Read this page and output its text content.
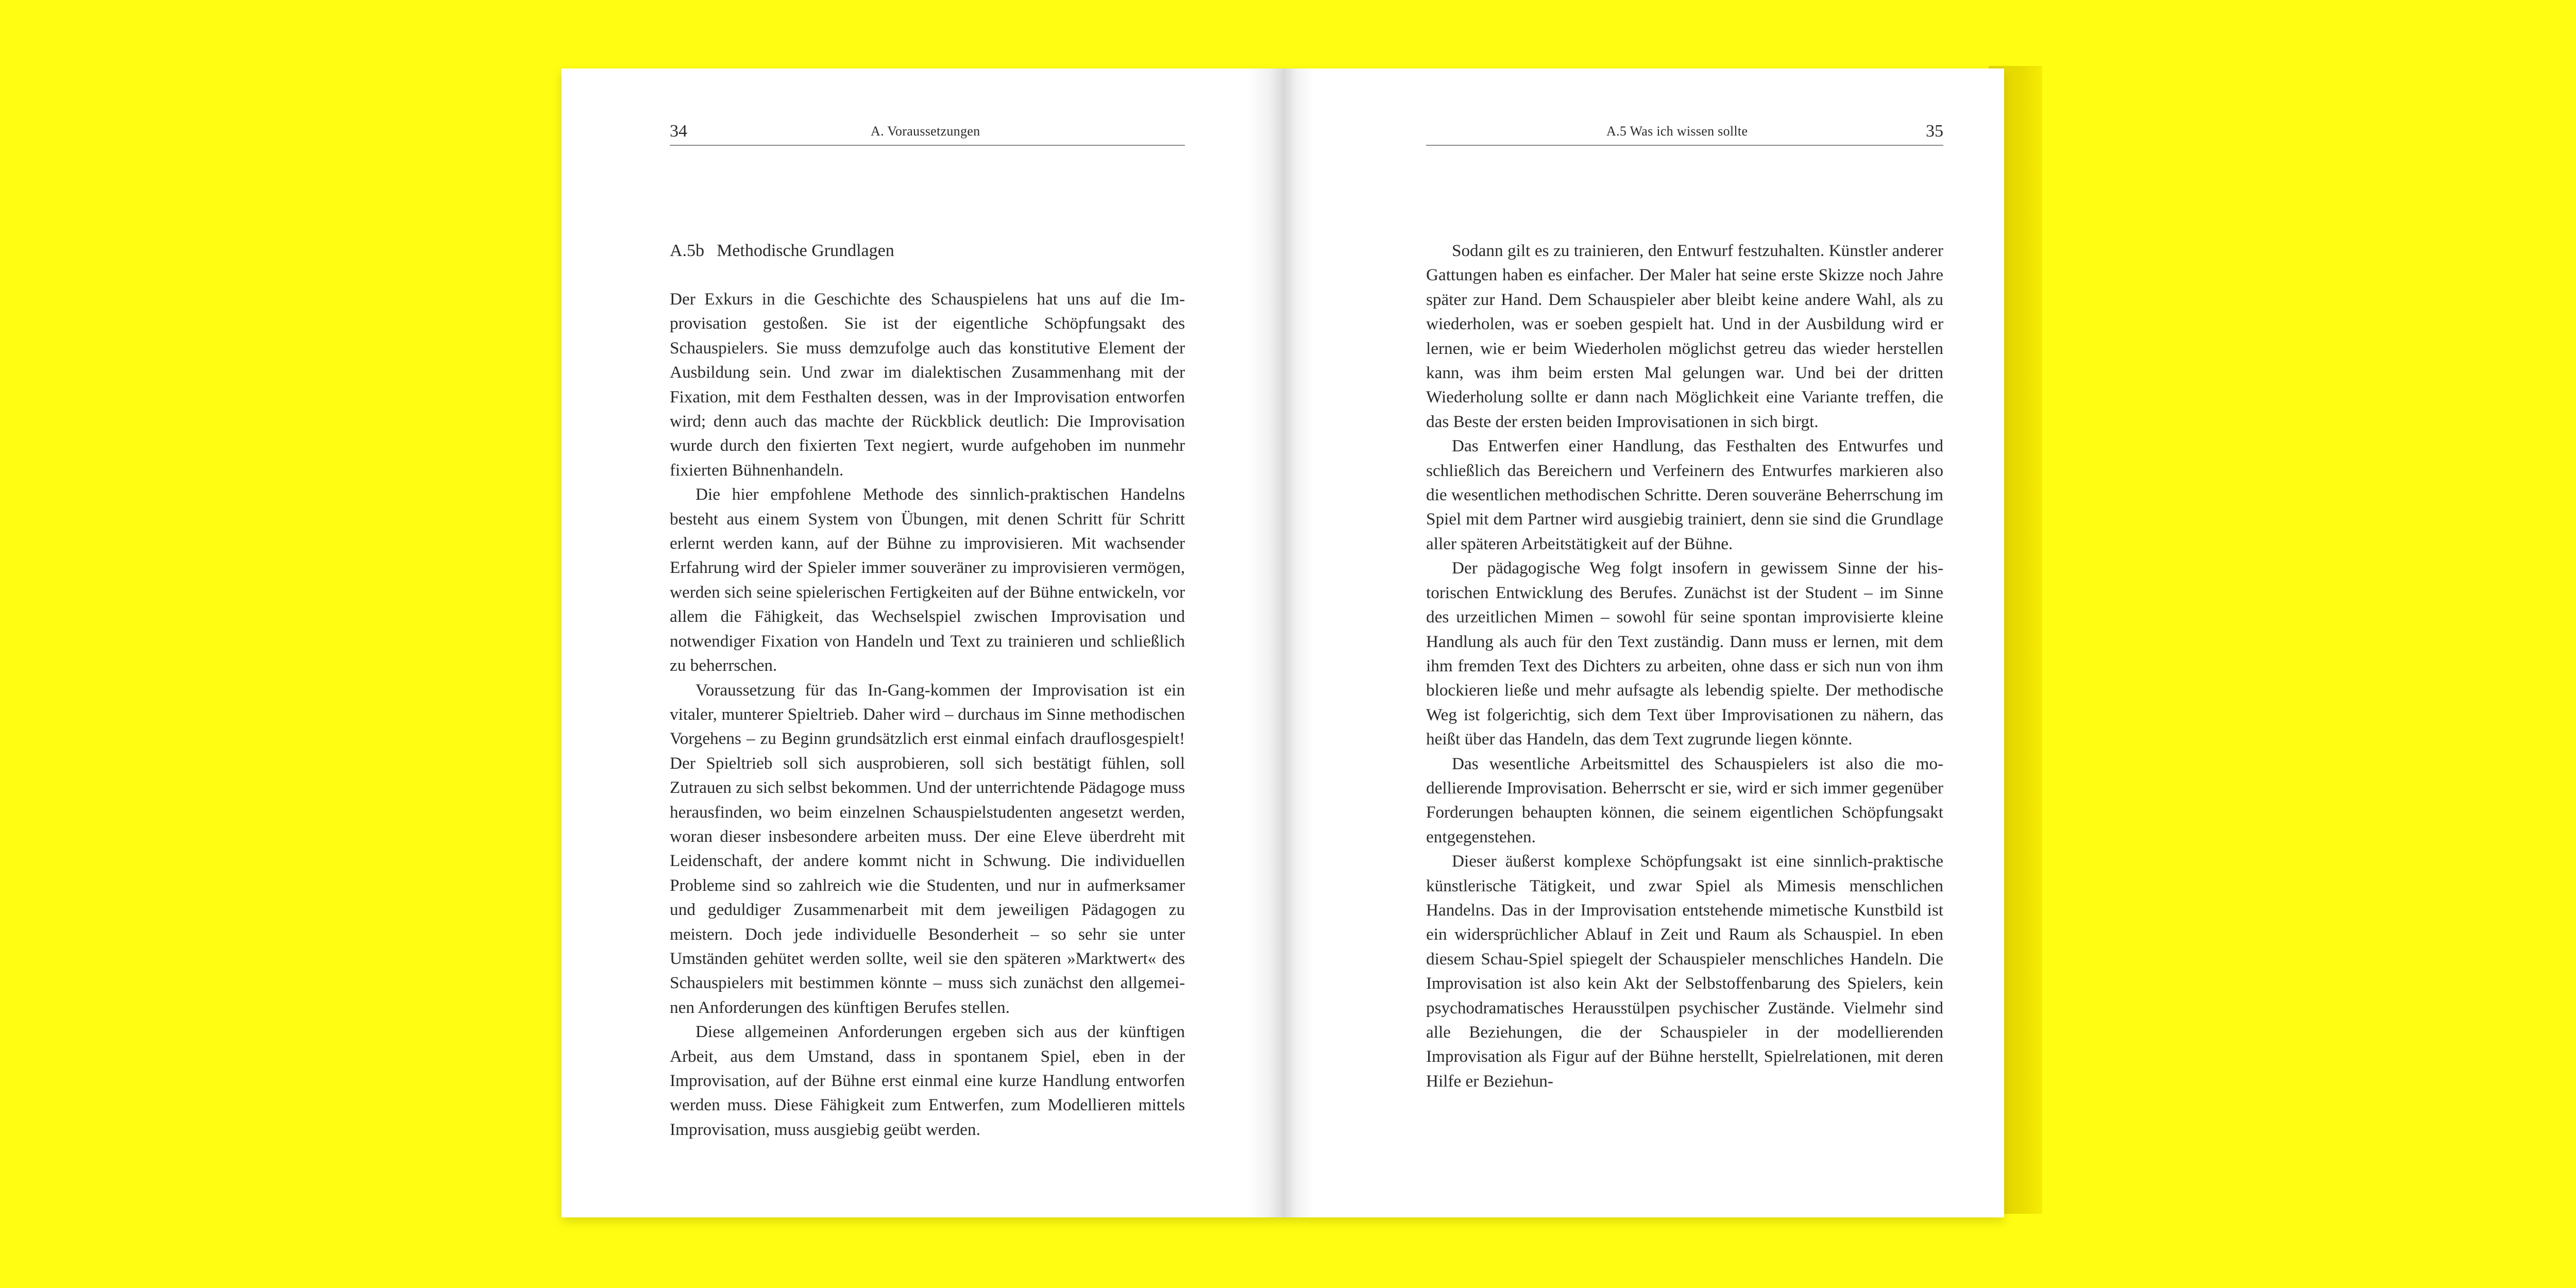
34	A. Voraussetzungen
A.5b Methodische Grundlagen

Der Exkurs in die Geschichte des Schauspielens hat uns auf die Improvisation gestoßen. Sie ist der eigentliche Schöpfungsakt des Schauspielers. Sie muss demzufolge auch das konstitutive Element der Ausbildung sein. Und zwar im dialektischen Zusammenhang mit der Fixation, mit dem Festhalten dessen, was in der Improvisation entworfen wird; denn auch das machte der Rückblick deutlich: Die Improvisation wurde durch den fixierten Text negiert, wurde aufgehoben im nunmehr fixierten Bühnenhandeln.

Die hier empfohlene Methode des sinnlich-praktischen Handelns besteht aus einem System von Übungen, mit denen Schritt für Schritt erlernt werden kann, auf der Bühne zu improvisieren. Mit wachsender Erfahrung wird der Spieler immer souveräner zu improvisieren vermögen, werden sich seine spielerischen Fertigkeiten auf der Bühne entwickeln, vor allem die Fähigkeit, das Wechselspiel zwischen Improvisation und notwendiger Fixation von Handeln und Text zu trainieren und schließlich zu beherrschen.

Voraussetzung für das In-Gang-kommen der Improvisation ist ein vitaler, munterer Spieltrieb. Daher wird – durchaus im Sinne methodischen Vorgehens – zu Beginn grundsätzlich erst einmal einfach drauflosgespielt! Der Spieltrieb soll sich ausprobieren, soll sich bestätigt fühlen, soll Zutrauen zu sich selbst bekommen. Und der unterrichtende Pädagoge muss herausfinden, wo beim einzelnen Schauspielstudenten angesetzt werden, woran dieser insbesondere arbeiten muss. Der eine Eleve überdreht mit Leidenschaft, der andere kommt nicht in Schwung. Die individuellen Probleme sind so zahlreich wie die Studenten, und nur in aufmerksamer und geduldiger Zusammenarbeit mit dem jeweiligen Pädagogen zu meistern. Doch jede individuelle Besonderheit – so sehr sie unter Umständen gehütet werden sollte, weil sie den späteren »Marktwert« des Schauspielers mit bestimmen könnte – muss sich zunächst den allgemeinen Anforderungen des künftigen Berufes stellen.

Diese allgemeinen Anforderungen ergeben sich aus der künftigen Arbeit, aus dem Umstand, dass in spontanem Spiel, eben in der Improvisation, auf der Bühne erst einmal eine kurze Handlung entworfen werden muss. Diese Fähigkeit zum Entwerfen, zum Modellieren mittels Improvisation, muss ausgiebig geübt werden.

Sodann gilt es zu trainieren, den Entwurf festzuhalten. Künstler anderer Gattungen haben es einfacher. Der Maler hat seine erste Skizze noch Jahre später zur Hand. Dem Schauspieler aber bleibt keine andere Wahl, als zu wiederholen, was er soeben gespielt hat. Und in der Ausbildung wird er lernen, wie er beim Wiederholen möglichst getreu das wieder herstellen kann, was ihm beim ersten Mal gelungen war. Und bei der dritten Wiederholung sollte er dann nach Möglichkeit eine Variante treffen, die das Beste der ersten beiden Improvisationen in sich birgt.

Das Entwerfen einer Handlung, das Festhalten des Entwurfes und schließlich das Bereichern und Verfeinern des Entwurfes markieren also die wesentlichen methodischen Schritte. Deren souveräne Beherrschung im Spiel mit dem Partner wird ausgiebig trainiert, denn sie sind die Grundlage aller späteren Arbeitstätigkeit auf der Bühne.

Der pädagogische Weg folgt insofern in gewissem Sinne der historischen Entwicklung des Berufes. Zunächst ist der Student – im Sinne des urzeitlichen Mimen – sowohl für seine spontan improvisierte kleine Handlung als auch für den Text zuständig. Dann muss er lernen, mit dem ihm fremden Text des Dichters zu arbeiten, ohne dass er sich nun von ihm blockieren ließe und mehr aufsagte als lebendig spielte. Der methodische Weg ist folgerichtig, sich dem Text über Improvisationen zu nähern, das heißt über das Handeln, das dem Text zugrunde liegen könnte.

Das wesentliche Arbeitsmittel des Schauspielers ist also die modellierende Improvisation. Beherrscht er sie, wird er sich immer gegenüber Forderungen behaupten können, die seinem eigentlichen Schöpfungsakt entgegenstehen.

Dieser äußerst komplexe Schöpfungsakt ist eine sinnlich-praktische künstlerische Tätigkeit, und zwar Spiel als Mimesis menschlichen Handelns. Das in der Improvisation entstehende mimetische Kunstbild ist ein widersprüchlicher Ablauf in Zeit und Raum als Schauspiel. In eben diesem Schau-Spiel spiegelt der Schauspieler menschliches Handeln. Die Improvisation ist also kein Akt der Selbstoffenbarung des Spielers, kein psychodramatisches Herausstülpen psychischer Zustände. Vielmehr sind alle Beziehungen, die der Schauspieler in der modellierenden Improvisation als Figur auf der Bühne herstellt, Spielrelationen, mit deren Hilfe er Beziehun-

A.5 Was ich wissen sollte	35
